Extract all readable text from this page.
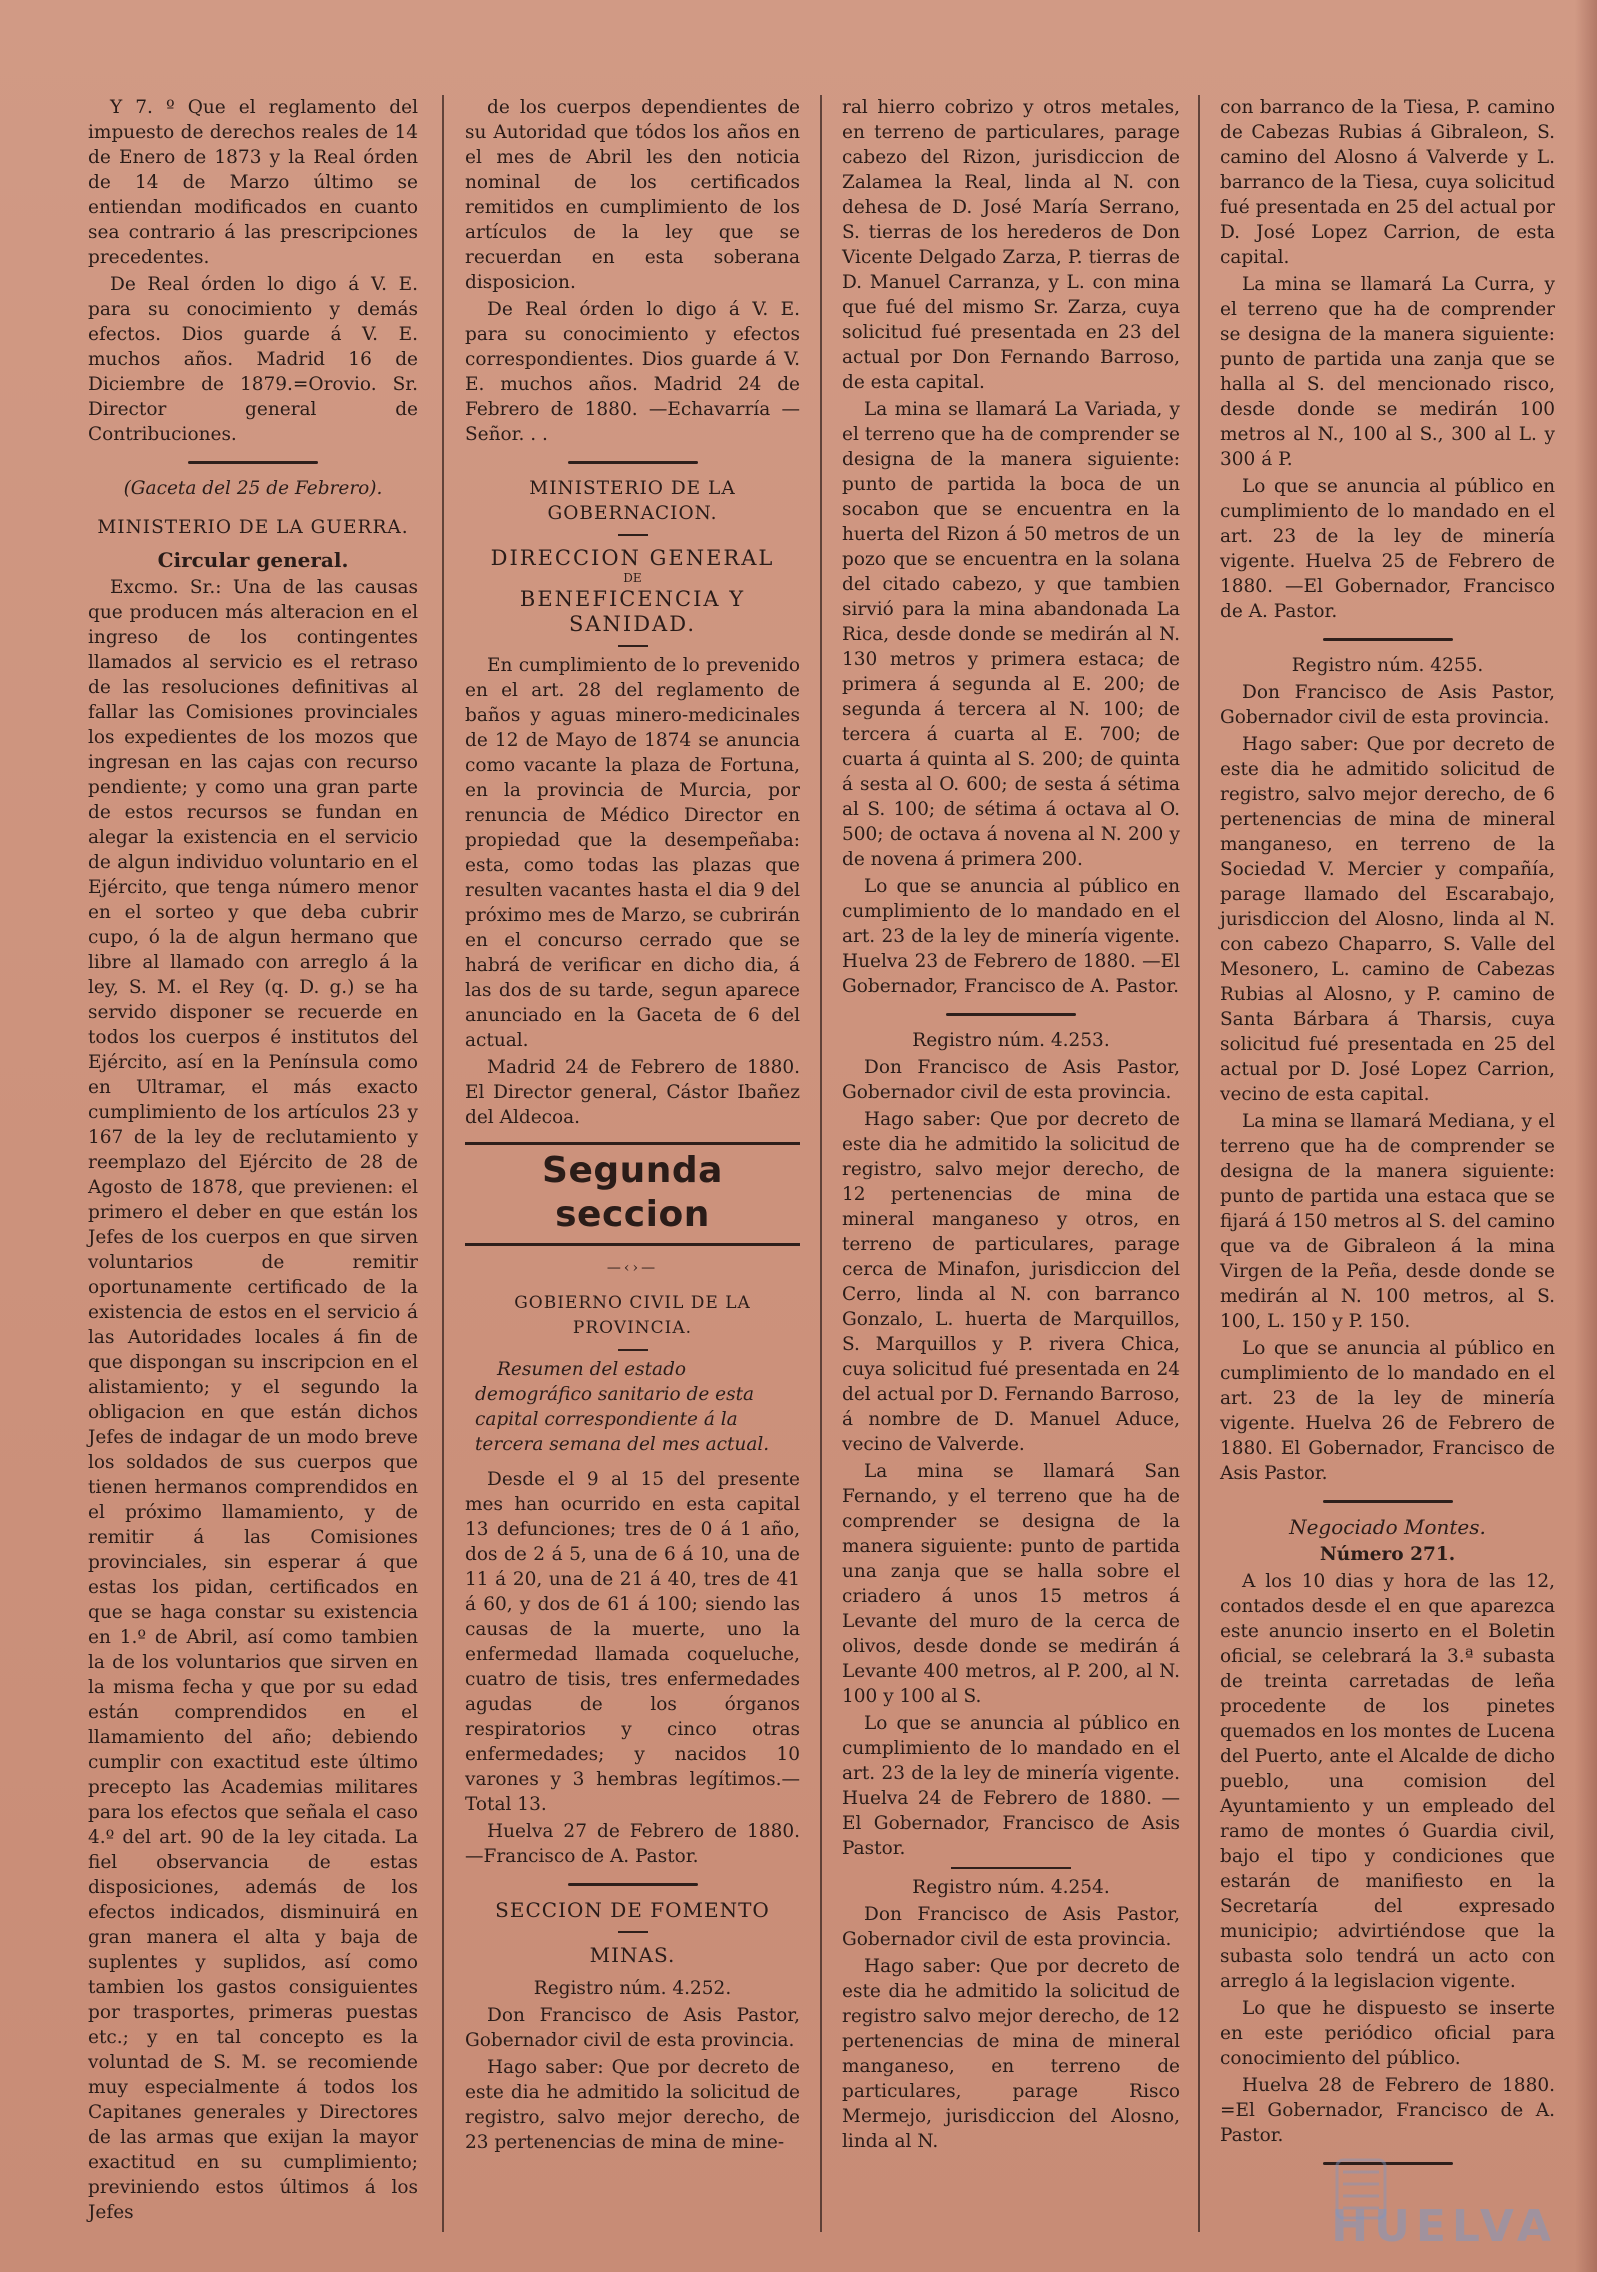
Y 7. º Que el reglamento del impuesto de derechos reales de 14 de Enero de 1873 y la Real órden de 14 de Marzo último se entiendan modificados en cuanto sea contrario á las prescripciones precedentes.

De Real órden lo digo á V. E. para su conocimiento y demás efectos. Dios guarde á V. E. muchos años. Madrid 16 de Diciembre de 1879.=Orovio. Sr. Director general de Contribuciones.

(Gaceta del 25 de Febrero).

MINISTERIO DE LA GUERRA.

Circular general.

Excmo. Sr.: Una de las causas que producen más alteracion en el ingreso de los contingentes llamados al servicio es el retraso de las resoluciones definitivas al fallar las Comisiones provinciales los expedientes de los mozos que ingresan en las cajas con recurso pendiente; y como una gran parte de estos recursos se fundan en alegar la existencia en el servicio de algun individuo voluntario en el Ejército, que tenga número menor en el sorteo y que deba cubrir cupo, ó la de algun hermano que libre al llamado con arreglo á la ley, S. M. el Rey (q. D. g.) se ha servido disponer se recuerde en todos los cuerpos é institutos del Ejército, así en la Península como en Ultramar, el más exacto cumplimiento de los artículos 23 y 167 de la ley de reclutamiento y reemplazo del Ejército de 28 de Agosto de 1878, que previenen: el primero el deber en que están los Jefes de los cuerpos en que sirven voluntarios de remitir oportunamente certificado de la existencia de estos en el servicio á las Autoridades locales á fin de que dispongan su inscripcion en el alistamiento; y el segundo la obligacion en que están dichos Jefes de indagar de un modo breve los soldados de sus cuerpos que tienen hermanos comprendidos en el próximo llamamiento, y de remitir á las Comisiones provinciales, sin esperar á que estas los pidan, certificados en que se haga constar su existencia en 1.º de Abril, así como tambien la de los voluntarios que sirven en la misma fecha y que por su edad están comprendidos en el llamamiento del año; debiendo cumplir con exactitud este último precepto las Academias militares para los efectos que señala el caso 4.º del art. 90 de la ley citada. La fiel observancia de estas disposiciones, además de los efectos indicados, disminuirá en gran manera el alta y baja de suplentes y suplidos, así como tambien los gastos consiguientes por trasportes, primeras puestas etc.; y en tal concepto es la voluntad de S. M. se recomiende muy especialmente á todos los Capitanes generales y Directores de las armas que exijan la mayor exactitud en su cumplimiento; previniendo estos últimos á los Jefes

de los cuerpos dependientes de su Autoridad que tódos los años en el mes de Abril les den noticia nominal de los certificados remitidos en cumplimiento de los artículos de la ley que se recuerdan en esta soberana disposicion.

De Real órden lo digo á V. E. para su conocimiento y efectos correspondientes. Dios guarde á V. E. muchos años. Madrid 24 de Febrero de 1880. —Echavarría —Señor. . .

MINISTERIO DE LA GOBERNACION.

DIRECCION GENERAL

DE

BENEFICENCIA Y SANIDAD.

En cumplimiento de lo prevenido en el art. 28 del reglamento de baños y aguas minero-medicinales de 12 de Mayo de 1874 se anuncia como vacante la plaza de Fortuna, en la provincia de Murcia, por renuncia de Médico Director en propiedad que la desempeñaba: esta, como todas las plazas que resulten vacantes hasta el dia 9 del próximo mes de Marzo, se cubrirán en el concurso cerrado que se habrá de verificar en dicho dia, á las dos de su tarde, segun aparece anunciado en la Gaceta de 6 del actual.

Madrid 24 de Febrero de 1880. El Director general, Cástor Ibañez del Aldecoa.

Segunda seccion
—‹›—

GOBIERNO CIVIL DE LA PROVINCIA.

Resumen del estado demográfico sanitario de esta capital correspondiente á la tercera semana del mes actual.

Desde el 9 al 15 del presente mes han ocurrido en esta capital 13 defunciones; tres de 0 á 1 año, dos de 2 á 5, una de 6 á 10, una de 11 á 20, una de 21 á 40, tres de 41 á 60, y dos de 61 á 100; siendo las causas de la muerte, uno la enfermedad llamada coqueluche, cuatro de tisis, tres enfermedades agudas de los órganos respiratorios y cinco otras enfermedades; y nacidos 10 varones y 3 hembras legítimos.—Total 13.

Huelva 27 de Febrero de 1880. —Francisco de A. Pastor.

SECCION DE FOMENTO

MINAS.

Registro núm. 4.252.

Don Francisco de Asis Pastor, Gobernador civil de esta provincia.

Hago saber: Que por decreto de este dia he admitido la solicitud de registro, salvo mejor derecho, de 23 pertenencias de mina de mine-

ral hierro cobrizo y otros metales, en terreno de particulares, parage cabezo del Rizon, jurisdiccion de Zalamea la Real, linda al N. con dehesa de D. José María Serrano, S. tierras de los herederos de Don Vicente Delgado Zarza, P. tierras de D. Manuel Carranza, y L. con mina que fué del mismo Sr. Zarza, cuya solicitud fué presentada en 23 del actual por Don Fernando Barroso, de esta capital.

La mina se llamará La Variada, y el terreno que ha de comprender se designa de la manera siguiente: punto de partida la boca de un socabon que se encuentra en la huerta del Rizon á 50 metros de un pozo que se encuentra en la solana del citado cabezo, y que tambien sirvió para la mina abandonada La Rica, desde donde se medirán al N. 130 metros y primera estaca; de primera á segunda al E. 200; de segunda á tercera al N. 100; de tercera á cuarta al E. 700; de cuarta á quinta al S. 200; de quinta á sesta al O. 600; de sesta á sétima al S. 100; de sétima á octava al O. 500; de octava á novena al N. 200 y de novena á primera 200.

Lo que se anuncia al público en cumplimiento de lo mandado en el art. 23 de la ley de minería vigente. Huelva 23 de Febrero de 1880. —El Gobernador, Francisco de A. Pastor.

Registro núm. 4.253.

Don Francisco de Asis Pastor, Gobernador civil de esta provincia.

Hago saber: Que por decreto de este dia he admitido la solicitud de registro, salvo mejor derecho, de 12 pertenencias de mina de mineral manganeso y otros, en terreno de particulares, parage cerca de Minafon, jurisdiccion del Cerro, linda al N. con barranco Gonzalo, L. huerta de Marquillos, S. Marquillos y P. rivera Chica, cuya solicitud fué presentada en 24 del actual por D. Fernando Barroso, á nombre de D. Manuel Aduce, vecino de Valverde.

La mina se llamará San Fernando, y el terreno que ha de comprender se designa de la manera siguiente: punto de partida una zanja que se halla sobre el criadero á unos 15 metros á Levante del muro de la cerca de olivos, desde donde se medirán á Levante 400 metros, al P. 200, al N. 100 y 100 al S.

Lo que se anuncia al público en cumplimiento de lo mandado en el art. 23 de la ley de minería vigente. Huelva 24 de Febrero de 1880. — El Gobernador, Francisco de Asis Pastor.

Registro núm. 4.254.

Don Francisco de Asis Pastor, Gobernador civil de esta provincia.

Hago saber: Que por decreto de este dia he admitido la solicitud de registro salvo mejor derecho, de 12 pertenencias de mina de mineral manganeso, en terreno de particulares, parage Risco Mermejo, jurisdiccion del Alosno, linda al N.

con barranco de la Tiesa, P. camino de Cabezas Rubias á Gibraleon, S. camino del Alosno á Valverde y L. barranco de la Tiesa, cuya solicitud fué presentada en 25 del actual por D. José Lopez Carrion, de esta capital.

La mina se llamará La Curra, y el terreno que ha de comprender se designa de la manera siguiente: punto de partida una zanja que se halla al S. del mencionado risco, desde donde se medirán 100 metros al N., 100 al S., 300 al L. y 300 á P.

Lo que se anuncia al público en cumplimiento de lo mandado en el art. 23 de la ley de minería vigente. Huelva 25 de Febrero de 1880. —El Gobernador, Francisco de A. Pastor.

Registro núm. 4255.

Don Francisco de Asis Pastor, Gobernador civil de esta provincia.

Hago saber: Que por decreto de este dia he admitido solicitud de registro, salvo mejor derecho, de 6 pertenencias de mina de mineral manganeso, en terreno de la Sociedad V. Mercier y compañía, parage llamado del Escarabajo, jurisdiccion del Alosno, linda al N. con cabezo Chaparro, S. Valle del Mesonero, L. camino de Cabezas Rubias al Alosno, y P. camino de Santa Bárbara á Tharsis, cuya solicitud fué presentada en 25 del actual por D. José Lopez Carrion, vecino de esta capital.

La mina se llamará Mediana, y el terreno que ha de comprender se designa de la manera siguiente: punto de partida una estaca que se fijará á 150 metros al S. del camino que va de Gibraleon á la mina Virgen de la Peña, desde donde se medirán al N. 100 metros, al S. 100, L. 150 y P. 150.

Lo que se anuncia al público en cumplimiento de lo mandado en el art. 23 de la ley de minería vigente. Huelva 26 de Febrero de 1880. El Gobernador, Francisco de Asis Pastor.

Negociado Montes.

Número 271.

A los 10 dias y hora de las 12, contados desde el en que aparezca este anuncio inserto en el Boletin oficial, se celebrará la 3.ª subasta de treinta carretadas de leña procedente de los pinetes quemados en los montes de Lucena del Puerto, ante el Alcalde de dicho pueblo, una comision del Ayuntamiento y un empleado del ramo de montes ó Guardia civil, bajo el tipo y condiciones que estarán de manifiesto en la Secretaría del expresado municipio; advirtiéndose que la subasta solo tendrá un acto con arreglo á la legislacion vigente.

Lo que he dispuesto se inserte en este periódico oficial para conocimiento del público.

Huelva 28 de Febrero de 1880. =El Gobernador, Francisco de A. Pastor.

HUELVA
